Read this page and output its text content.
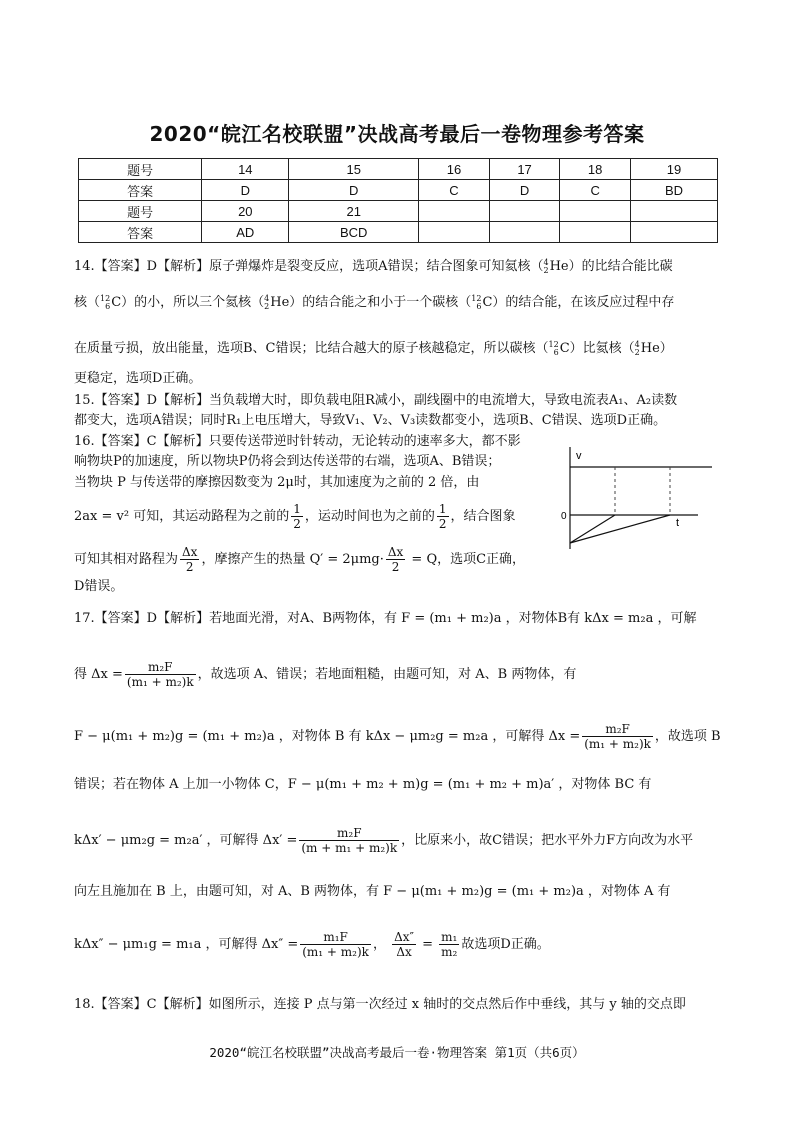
2020“皖江名校联盟”决战高考最后一卷物理参考答案
题号	14	15	16	17	18	19
答案	D	D	C	D	C	BD
题号	20	21				
答案	AD	BCD				
14.【答案】D【解析】原子弹爆炸是裂变反应，选项A错误；结合图象可知氦核（ 4
2 He）的比结合能比碳
核（ 12
6 C）的小，所以三个氦核（ 4
2 He）的结合能之和小于一个碳核（ 12
6 C）的结合能，在该反应过程中存
在质量亏损，放出能量，选项B、C错误；比结合越大的原子核越稳定，所以碳核（ 12
6 C）比氦核（ 4
2 He）
更稳定，选项D正确。
15.【答案】D【解析】当负载增大时，即负载电阻R减小，副线圈中的电流增大，导致电流表A₁、A₂读数
都变大，选项A错误；同时R₁上电压增大，导致V₁、V₂、V₃读数都变小，选项B、C错误、选项D正确。
16.【答案】C【解析】只要传送带逆时针转动，无论转动的速率多大，都不影
响物块P的加速度，所以物块P仍将会到达传送带的右端，选项A、B错误；
当物块 P 与传送带的摩擦因数变为 2μ时，其加速度为之前的 2 倍，由
2ax = v² 可知，其运动路程为之前的 $\frac{1}{2}$ ，运动时间也为之前的 $\frac{1}{2}$ ，结合图象
可知其相对路程为 $\frac{\Delta x}{2}$ ，摩擦产生的热量 $Q' = 2\mu mg\cdot \frac{\Delta x}{2} = Q$，选项C正确，
D错误。
v
t
0
17.【答案】D【解析】若地面光滑，对A、B两物体，有 F = (m₁ + m₂)a ，对物体B有 kΔx = m₂a ，可解
得 $\Delta x = \frac{\text{m₂F}}{\text{(m₁ + m₂)k}}$ ，故选项 A、错误；若地面粗糙，由题可知，对 A、B 两物体，有
F − μ(m₁ + m₂)g = (m₁ + m₂)a ，对物体 B 有 kΔx − μm₂g = m₂a ，可解得 $\Delta x = \frac{\text{m₂F}}{\text{(m₁ + m₂)k}}$ ，故选项 B
错误；若在物体 A 上加一小物体 C，F − μ(m₁ + m₂ + m)g = (m₁ + m₂ + m)a′ ，对物体 BC 有
kΔx′ − μm₂g = m₂a′ ，可解得 $\Delta x' = \frac{\text{m₂F}}{\text{(m + m₁ + m₂)k}}$ ，比原来小，故C错误；把水平外力F方向改为水平
向左且施加在 B 上，由题可知，对 A、B 两物体，有 F − μ(m₁ + m₂)g = (m₁ + m₂)a ，对物体 A 有
kΔx″ − μm₁g = m₁a ，可解得 $\Delta x'' = \frac{\text{m₁F}}{\text{(m₁ + m₂)k}}$ ， $\frac{\Delta x''}{\Delta x} = \frac{\text{m₁}}{\text{m₂}}$ 故选项D正确。
18.【答案】C【解析】如图所示，连接 P 点与第一次经过 x 轴时的交点然后作中垂线，其与 y 轴的交点即
2020“皖江名校联盟”决战高考最后一卷·物理答案 第1页（共6页）
